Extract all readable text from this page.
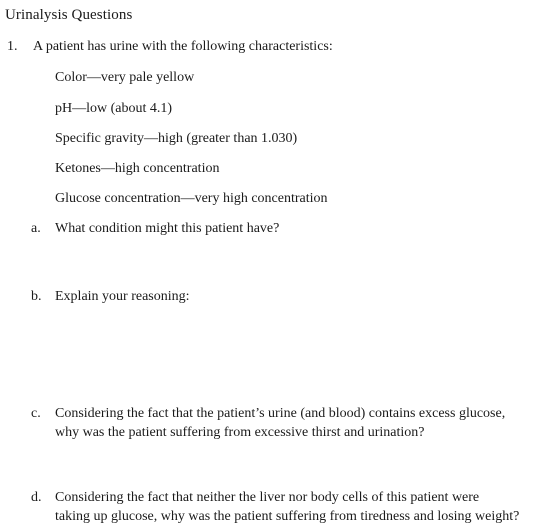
Urinalysis Questions
1. A patient has urine with the following characteristics:
Color—very pale yellow
pH—low (about 4.1)
Specific gravity—high (greater than 1.030)
Ketones—high concentration
Glucose concentration—very high concentration
a. What condition might this patient have?
b. Explain your reasoning:
c. Considering the fact that the patient’s urine (and blood) contains excess glucose,
why was the patient suffering from excessive thirst and urination?
d. Considering the fact that neither the liver nor body cells of this patient were
taking up glucose, why was the patient suffering from tiredness and losing weight?
